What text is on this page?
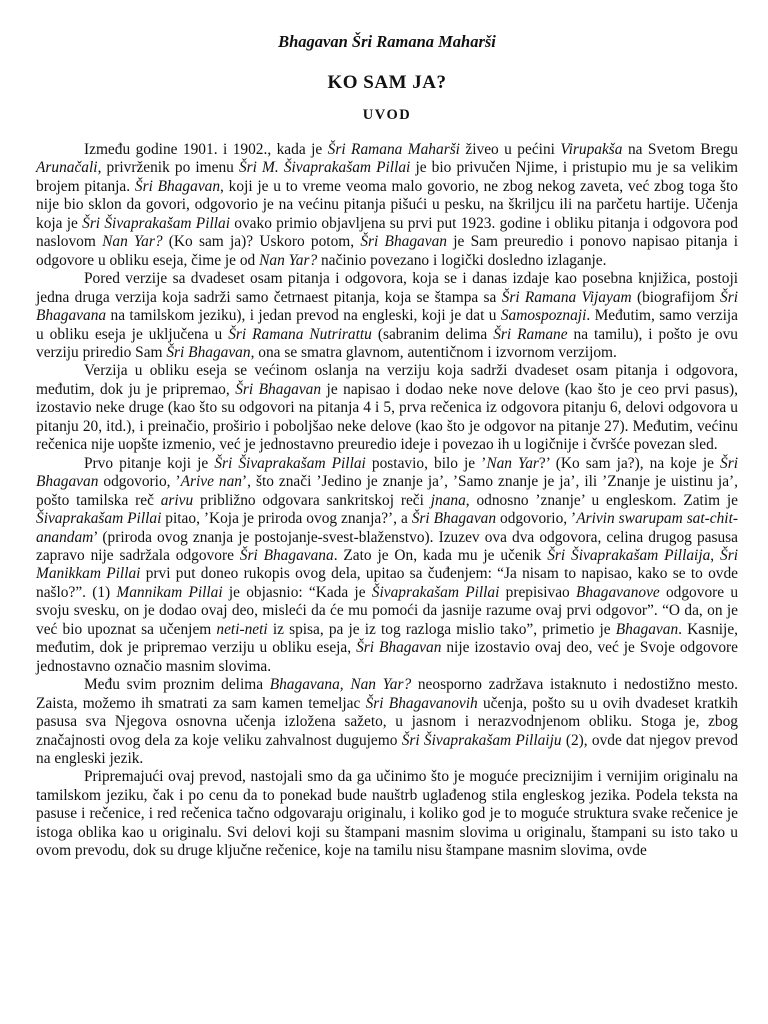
Bhagavan Šri Ramana Maharši

KO SAM JA?

UVOD

Između godine 1901. i 1902., kada je Šri Ramana Maharši živeo u pećini Virupakša na Svetom Bregu Arunačali, privrženik po imenu Šri M. Šivaprakašam Pillai je bio privučen Njime, i pristupio mu je sa velikim brojem pitanja. Šri Bhagavan, koji je u to vreme veoma malo govorio, ne zbog nekog zaveta, već zbog toga što nije bio sklon da govori, odgovorio je na većinu pitanja pišući u pesku, na škriljcu ili na parčetu hartije. Učenja koja je Šri Šivaprakašam Pillai ovako primio objavljena su prvi put 1923. godine i obliku pitanja i odgovora pod naslovom Nan Yar? (Ko sam ja)? Uskoro potom, Šri Bhagavan je Sam preuredio i ponovo napisao pitanja i odgovore u obliku eseja, čime je od Nan Yar? načinio povezano i logički dosledno izlaganje.

Pored verzije sa dvadeset osam pitanja i odgovora, koja se i danas izdaje kao posebna knjižica, postoji jedna druga verzija koja sadrži samo četrnaest pitanja, koja se štampa sa Šri Ramana Vijayam (biografijom Šri Bhagavana na tamilskom jeziku), i jedan prevod na engleski, koji je dat u Samospoznaji. Međutim, samo verzija u obliku eseja je uključena u Šri Ramana Nutrirattu (sabranim delima Šri Ramane na tamilu), i pošto je ovu verziju priredio Sam Šri Bhagavan, ona se smatra glavnom, autentičnom i izvornom verzijom.

Verzija u obliku eseja se većinom oslanja na verziju koja sadrži dvadeset osam pitanja i odgovora, međutim, dok ju je pripremao, Šri Bhagavan je napisao i dodao neke nove delove (kao što je ceo prvi pasus), izostavio neke druge (kao što su odgovori na pitanja 4 i 5, prva rečenica iz odgovora pitanju 6, delovi odgovora u pitanju 20, itd.), i preinačio, proširio i poboljšao neke delove (kao što je odgovor na pitanje 27). Međutim, većinu rečenica nije uopšte izmenio, već je jednostavno preuredio ideje i povezao ih u logičnije i čvršće povezan sled.

Prvo pitanje koji je Šri Šivaprakašam Pillai postavio, bilo je ’Nan Yar?’ (Ko sam ja?), na koje je Šri Bhagavan odgovorio, ’Arive nan’, što znači ’Jedino je znanje ja’, ’Samo znanje je ja’, ili ’Znanje je uistinu ja’, pošto tamilska reč arivu približno odgovara sankritskoj reči jnana, odnosno ’znanje’ u engleskom. Zatim je Šivaprakašam Pillai pitao, ’Koja je priroda ovog znanja?’, a Šri Bhagavan odgovorio, ’Arivin swarupam sat-chit-anandam’ (priroda ovog znanja je postojanje-svest-blaženstvo). Izuzev ova dva odgovora, celina drugog pasusa zapravo nije sadržala odgovore Šri Bhagavana. Zato je On, kada mu je učenik Šri Šivaprakašam Pillaija, Šri Manikkam Pillai prvi put doneo rukopis ovog dela, upitao sa čuđenjem: “Ja nisam to napisao, kako se to ovde našlo?”. (1) Mannikam Pillai je objasnio: “Kada je Šivaprakašam Pillai prepisivao Bhagavanove odgovore u svoju svesku, on je dodao ovaj deo, misleći da će mu pomoći da jasnije razume ovaj prvi odgovor”. “O da, on je već bio upoznat sa učenjem neti-neti iz spisa, pa je iz tog razloga mislio tako”, primetio je Bhagavan. Kasnije, međutim, dok je pripremao verziju u obliku eseja, Šri Bhagavan nije izostavio ovaj deo, već je Svoje odgovore jednostavno označio masnim slovima.

Među svim proznim delima Bhagavana, Nan Yar? neosporno zadržava istaknuto i nedostižno mesto. Zaista, možemo ih smatrati za sam kamen temeljac Šri Bhagavanovih učenja, pošto su u ovih dvadeset kratkih pasusa sva Njegova osnovna učenja izložena sažeto, u jasnom i nerazvodnjenom obliku. Stoga je, zbog značajnosti ovog dela za koje veliku zahvalnost dugujemo Šri Šivaprakašam Pillaiju (2), ovde dat njegov prevod na engleski jezik.

Pripremajući ovaj prevod, nastojali smo da ga učinimo što je moguće preciznijim i vernijim originalu na tamilskom jeziku, čak i po cenu da to ponekad bude nauštrb uglađenog stila engleskog jezika. Podela teksta na pasuse i rečenice, i red rečenica tačno odgovaraju originalu, i koliko god je to moguće struktura svake rečenice je istoga oblika kao u originalu. Svi delovi koji su štampani masnim slovima u originalu, štampani su isto tako u ovom prevodu, dok su druge ključne rečenice, koje na tamilu nisu štampane masnim slovima, ovde
